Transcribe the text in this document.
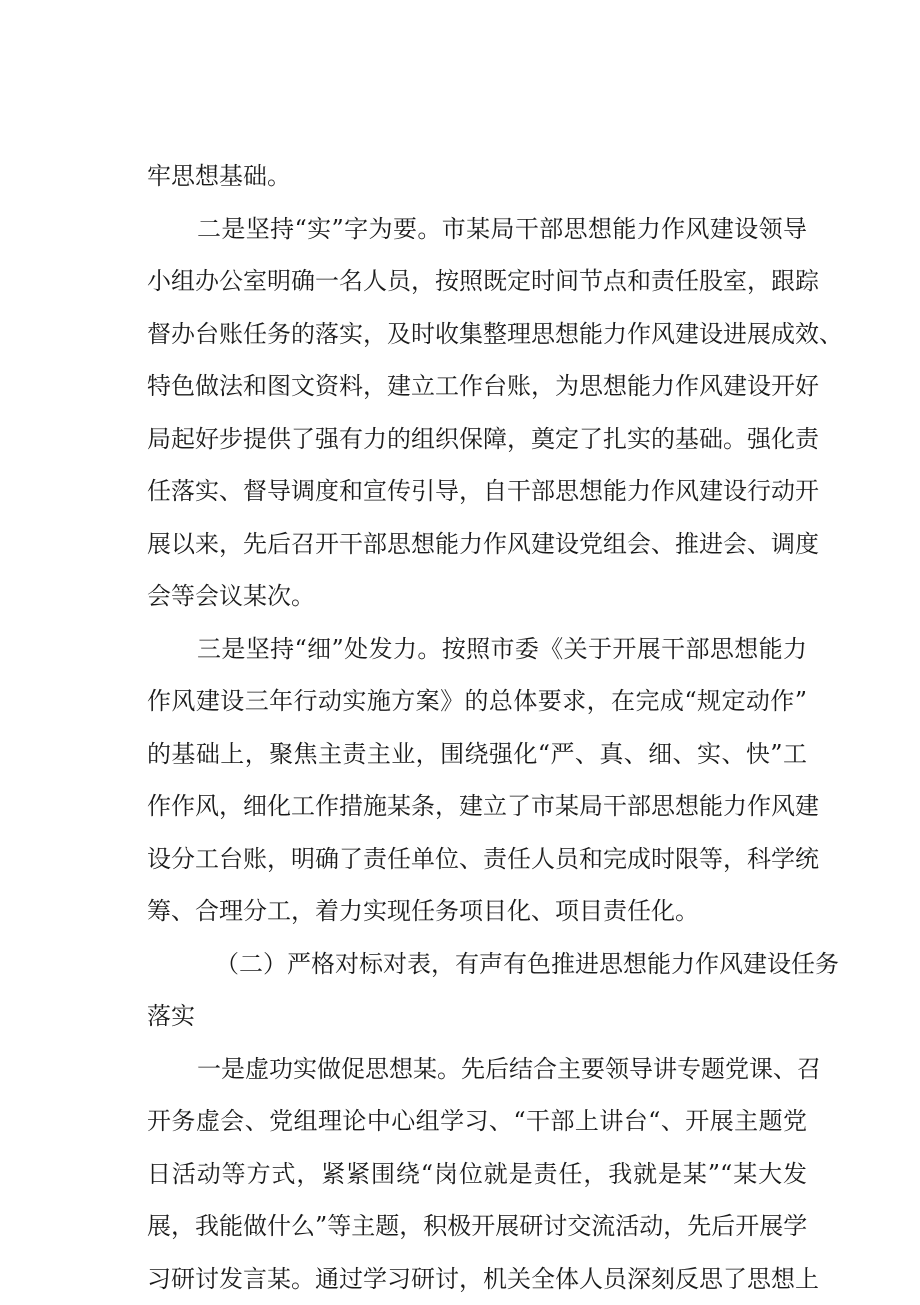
牢思想基础。
二是坚持“实”字为要。市某局干部思想能力作风建设领导
小组办公室明确一名人员，按照既定时间节点和责任股室，跟踪
督办台账任务的落实，及时收集整理思想能力作风建设进展成效、
特色做法和图文资料，建立工作台账，为思想能力作风建设开好
局起好步提供了强有力的组织保障，奠定了扎实的基础。强化责
任落实、督导调度和宣传引导，自干部思想能力作风建设行动开
展以来，先后召开干部思想能力作风建设党组会、推进会、调度
会等会议某次。
三是坚持“细”处发力。按照市委《关于开展干部思想能力
作风建设三年行动实施方案》的总体要求，在完成“规定动作”
的基础上，聚焦主责主业，围绕强化“严、真、细、实、快”工
作作风，细化工作措施某条，建立了市某局干部思想能力作风建
设分工台账，明确了责任单位、责任人员和完成时限等，科学统
筹、合理分工，着力实现任务项目化、项目责任化。
（二）严格对标对表，有声有色推进思想能力作风建设任务
落实
一是虚功实做促思想某。先后结合主要领导讲专题党课、召
开务虚会、党组理论中心组学习、“干部上讲台“、开展主题党
日活动等方式，紧紧围绕“岗位就是责任，我就是某”“某大发
展，我能做什么”等主题，积极开展研讨交流活动，先后开展学
习研讨发言某。通过学习研讨，机关全体人员深刻反思了思想上
